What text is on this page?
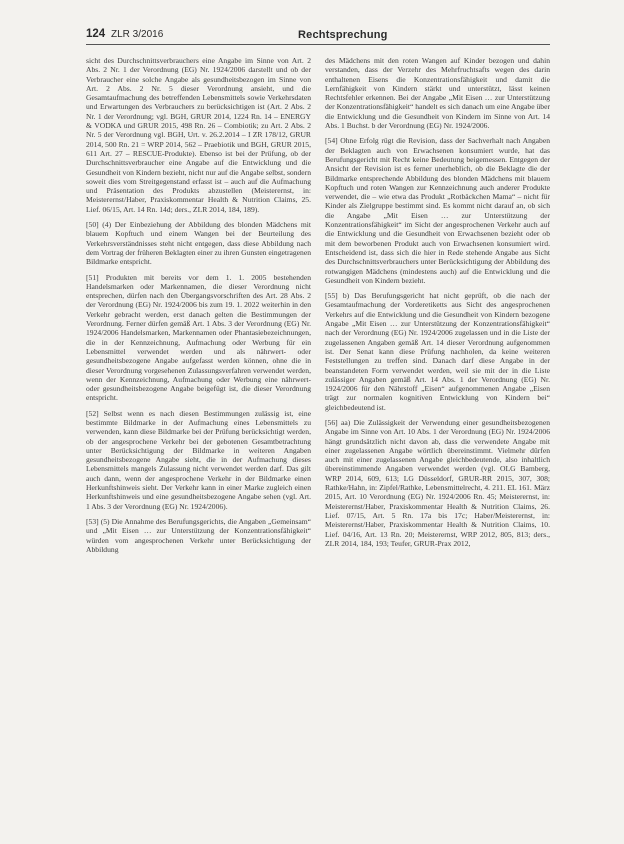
124 ZLR 3/2016	Rechtsprechung

sicht des Durchschnittsverbrauchers eine Angabe im Sinne von Art. 2 Abs. 2 Nr. 1 der Verordnung (EG) Nr. 1924/2006 darstellt und ob der Verbraucher eine solche Angabe als gesundheitsbezogen im Sinne von Art. 2 Abs. 2 Nr. 5 dieser Verordnung ansieht, und die Gesamtaufmachung des betreffenden Lebensmittels sowie Verkehrsdaten und Erwartungen des Verbrauchers zu berücksichtigen ist (Art. 2 Abs. 2 Nr. 1 der Verordnung; vgl. BGH, GRUR 2014, 1224 Rn. 14 – ENERGY & VODKA und GRUR 2015, 498 Rn. 26 – Combiotik; zu Art. 2 Abs. 2 Nr. 5 der Verordnung vgl. BGH, Urt. v. 26.2.2014 – I ZR 178/12, GRUR 2014, 500 Rn. 21 = WRP 2014, 562 – Praebiotik und BGH, GRUR 2015, 611 Art. 27 – RESCUE-Produkte). Ebenso ist bei der Prüfung, ob der Durchschnittsverbraucher eine Angabe auf die Entwicklung und die Gesundheit von Kindern bezieht, nicht nur auf die Angabe selbst, sondern soweit dies vom Streitgegenstand erfasst ist – auch auf die Aufmachung und Präsentation des Produkts abzustellen (Meisterernst, in: Meisterernst/Haber, Praxiskommentar Health & Nutrition Claims, 25. Lief. 06/15, Art. 14 Rn. 14d; ders., ZLR 2014, 184, 189).

[50] (4) Der Einbeziehung der Abbildung des blonden Mädchens mit blauem Kopftuch und einem Wangen bei der Beurteilung des Verkehrsverständnisses steht nicht entgegen, dass diese Abbildung nach dem Vortrag der früheren Beklagten einer zu ihren Gunsten eingetragenen Bildmarke entspricht.

[51] Produkten mit bereits vor dem 1. 1. 2005 bestehenden Handelsmarken oder Markennamen, die dieser Verordnung nicht entsprechen, dürfen nach den Übergangsvorschriften des Art. 28 Abs. 2 der Verordnung (EG) Nr. 1924/2006 bis zum 19. 1. 2022 weiterhin in den Verkehr gebracht werden, erst danach gelten die Bestimmungen der Verordnung. Ferner dürfen gemäß Art. 1 Abs. 3 der Verordnung (EG) Nr. 1924/2006 Handelsmarken, Markennamen oder Phantasiebezeichnungen, die in der Kennzeichnung, Aufmachung oder Werbung für ein Lebensmittel verwendet werden und als nährwert- oder gesundheitsbezogene Angabe aufgefasst werden können, ohne die in dieser Verordnung vorgesehenen Zulassungsverfahren verwendet werden, wenn der Kennzeichnung, Aufmachung oder Werbung eine nährwert- oder gesundheitsbezogene Angabe beigefügt ist, die dieser Verordnung entspricht.

[52] Selbst wenn es nach diesen Bestimmungen zulässig ist, eine bestimmte Bildmarke in der Aufmachung eines Lebensmittels zu verwenden, kann diese Bildmarke bei der Prüfung berücksichtigt werden, ob der angesprochene Verkehr bei der gebotenen Gesamtbetrachtung unter Berücksichtigung der Bildmarke in weiteren Angaben gesundheitsbezogene Angabe sieht, die in der Aufmachung dieses Lebensmittels mangels Zulassung nicht verwendet werden darf. Das gilt auch dann, wenn der angesprochene Verkehr in der Bildmarke einen Herkunftshinweis sieht. Der Verkehr kann in einer Marke zugleich einen Herkunftshinweis und eine gesundheitsbezogene Angabe sehen (vgl. Art. 1 Abs. 3 der Verordnung (EG) Nr. 1924/2006).

[53] (5) Die Annahme des Berufungsgerichts, die Angaben „Gemeinsam“ und „Mit Eisen … zur Unterstützung der Konzentrationsfähigkeit“ würden vom angesprochenen Verkehr unter Berücksichtigung der Abbildung

des Mädchens mit den roten Wangen auf Kinder bezogen und dahin verstanden, dass der Verzehr des Mehrfruchtsafts wegen des darin enthaltenen Eisens die Konzentrationsfähigkeit und damit die Lernfähigkeit von Kindern stärkt und unterstützt, lässt keinen Rechtsfehler erkennen. Bei der Angabe „Mit Eisen … zur Unterstützung der Konzentrationsfähigkeit“ handelt es sich danach um eine Angabe über die Entwicklung und die Gesundheit von Kindern im Sinne von Art. 14 Abs. 1 Buchst. b der Verordnung (EG) Nr. 1924/2006.

[54] Ohne Erfolg rügt die Revision, dass der Sachverhalt nach Angaben der Beklagten auch von Erwachsenen konsumiert wurde, hat das Berufungsgericht mit Recht keine Bedeutung beigemessen. Entgegen der Ansicht der Revision ist es ferner unerheblich, ob die Beklagte die der Bildmarke entsprechende Abbildung des blonden Mädchens mit blauem Kopftuch und roten Wangen zur Kennzeichnung auch anderer Produkte verwendet, die – wie etwa das Produkt „Rotbäckchen Mama“ – nicht für Kinder als Zielgruppe bestimmt sind. Es kommt nicht darauf an, ob sich die Angabe „Mit Eisen … zur Unterstützung der Konzentrationsfähigkeit“ im Sicht der angesprochenen Verkehr auch auf die Entwicklung und die Gesundheit von Erwachsenen bezieht oder ob mit dem beworbenen Produkt auch von Erwachsenen konsumiert wird. Entscheidend ist, dass sich die hier in Rede stehende Angabe aus Sicht des Durchschnittsverbrauchers unter Berücksichtigung der Abbildung des rotwangigen Mädchens (mindestens auch) auf die Entwicklung und die Gesundheit von Kindern bezieht.

[55] b) Das Berufungsgericht hat nicht geprüft, ob die nach der Gesamtaufmachung der Vorderetiketts aus Sicht des angesprochenen Verkehrs auf die Entwicklung und die Gesundheit von Kindern bezogene Angabe „Mit Eisen … zur Unterstützung der Konzentrationsfähigkeit“ nach der Verordnung (EG) Nr. 1924/2006 zugelassen und in die Liste der zugelassenen Angaben gemäß Art. 14 dieser Verordnung aufgenommen ist. Der Senat kann diese Prüfung nachholen, da keine weiteren Feststellungen zu treffen sind. Danach darf diese Angabe in der beanstandeten Form verwendet werden, weil sie mit der in die Liste zulässiger Angaben gemäß Art. 14 Abs. 1 der Verordnung (EG) Nr. 1924/2006 für den Nährstoff „Eisen“ aufgenommenen Angabe „Eisen trägt zur normalen kognitiven Entwicklung von Kindern bei“ gleichbedeutend ist.

[56] aa) Die Zulässigkeit der Verwendung einer gesundheitsbezogenen Angabe im Sinne von Art. 10 Abs. 1 der Verordnung (EG) Nr. 1924/2006 hängt grundsätzlich nicht davon ab, dass die verwendete Angabe mit einer zugelassenen Angabe wörtlich übereinstimmt. Vielmehr dürfen auch mit einer zugelassenen Angabe gleichbedeutende, also inhaltlich übereinstimmende Angaben verwendet werden (vgl. OLG Bamberg, WRP 2014, 609, 613; LG Düsseldorf, GRUR-RR 2015, 307, 308; Rathke/Hahn, in: Zipfel/Rathke, Lebensmittelrecht, 4. 211. EL 161. März 2015, Art. 10 Verordnung (EG) Nr. 1924/2006 Rn. 45; Meisterernst, in: Meisterernst/Haber, Praxiskommentar Health & Nutrition Claims, 26. Lief. 07/15, Art. 5 Rn. 17a bis 17c; Haber/Meisterernst, in: Meisterernst/Haber, Praxiskommentar Health & Nutrition Claims, 10. Lief. 04/16, Art. 13 Rn. 20; Meisterernst, WRP 2012, 805, 813; ders., ZLR 2014, 184, 193; Teufer, GRUR-Prax 2012,
